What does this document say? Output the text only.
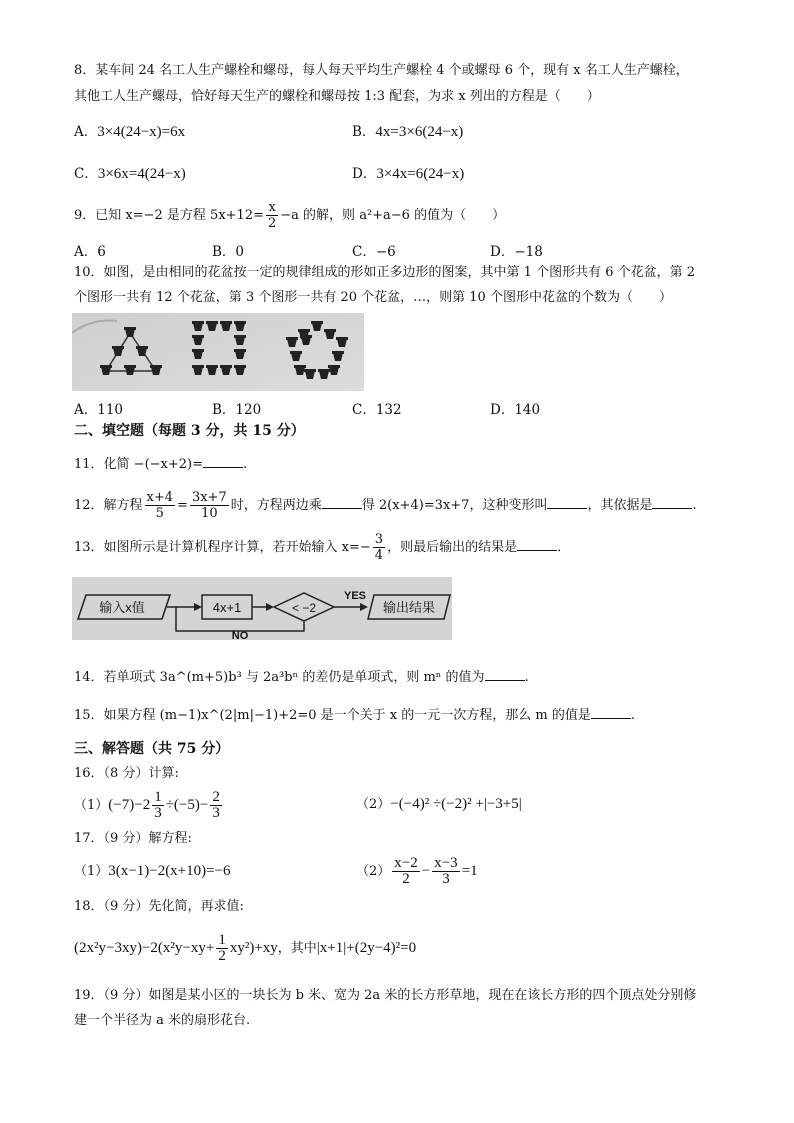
8．某车间 24 名工人生产螺栓和螺母，每人每天平均生产螺栓 4 个或螺母 6 个，现有 x 名工人生产螺栓，
其他工人生产螺母，恰好每天生产的螺栓和螺母按 1:3 配套，为求 x 列出的方程是（　　）
A．3×4(24−x)=6x	B．4x=3×6(24−x)
C．3×6x=4(24−x)	D．3×4x=6(24−x)
9．已知 x=−2 是方程 $5x+12= \frac{x}{2} -a$ 的解，则 a²+a−6 的值为（　　）
A．6	B．0	C．−6	D．−18
10．如图，是由相同的花盆按一定的规律组成的形如正多边形的图案，其中第 1 个图形共有 6 个花盆，第 2
个图形一共有 12 个花盆，第 3 个图形一共有 20 个花盆，…，则第 10 个图形中花盆的个数为（　　）
A．110	B．120	C．132	D．140
二、填空题（每题 3 分，共 15 分）
11．化简 −(−x+2)=	.
12．解方程 $\frac{x+4}{5} = \frac{3x+7}{10}$ 时，方程两边乘	得 2(x+4)=3x+7，这种变形叫	，其依据是	.
13．如图所示是计算机程序计算，若开始输入 $x=- \frac{3}{4}$ ，则最后输出的结果是	．
输入x值	4x+1	< −2
YES
输出结果
NO
14．若单项式 3a^(m+5)b³ 与 2a³bⁿ 的差仍是单项式，则 mⁿ 的值为	.
15．如果方程 (m−1)x^(2|m|−1)+2=0 是一个关于 x 的一元一次方程，那么 m 的值是	.
三、解答题（共 75 分）
16．（8 分）计算:
$(1)(-7)-2 \frac{1}{3} \div(-5)- \frac{2}{3}$	（2）−(−4)² ÷(−2)² +|−3+5|
17．（9 分）解方程:
（1）3(x−1)−2(x+10)=−6	$(2) \frac{x-2}{2} - \frac{x-3}{3} =1$
18．（9 分）先化简，再求值:
$(2x^2y-3xy)-2(x^2y-xy+ \frac{1}{2} xy^2)+xy$，其中|x+1|+(2y−4)²=0
19．（9 分）如图是某小区的一块长为 b 米、宽为 2a 米的长方形草地，现在在该长方形的四个顶点处分别修
建一个半径为 a 米的扇形花台.
